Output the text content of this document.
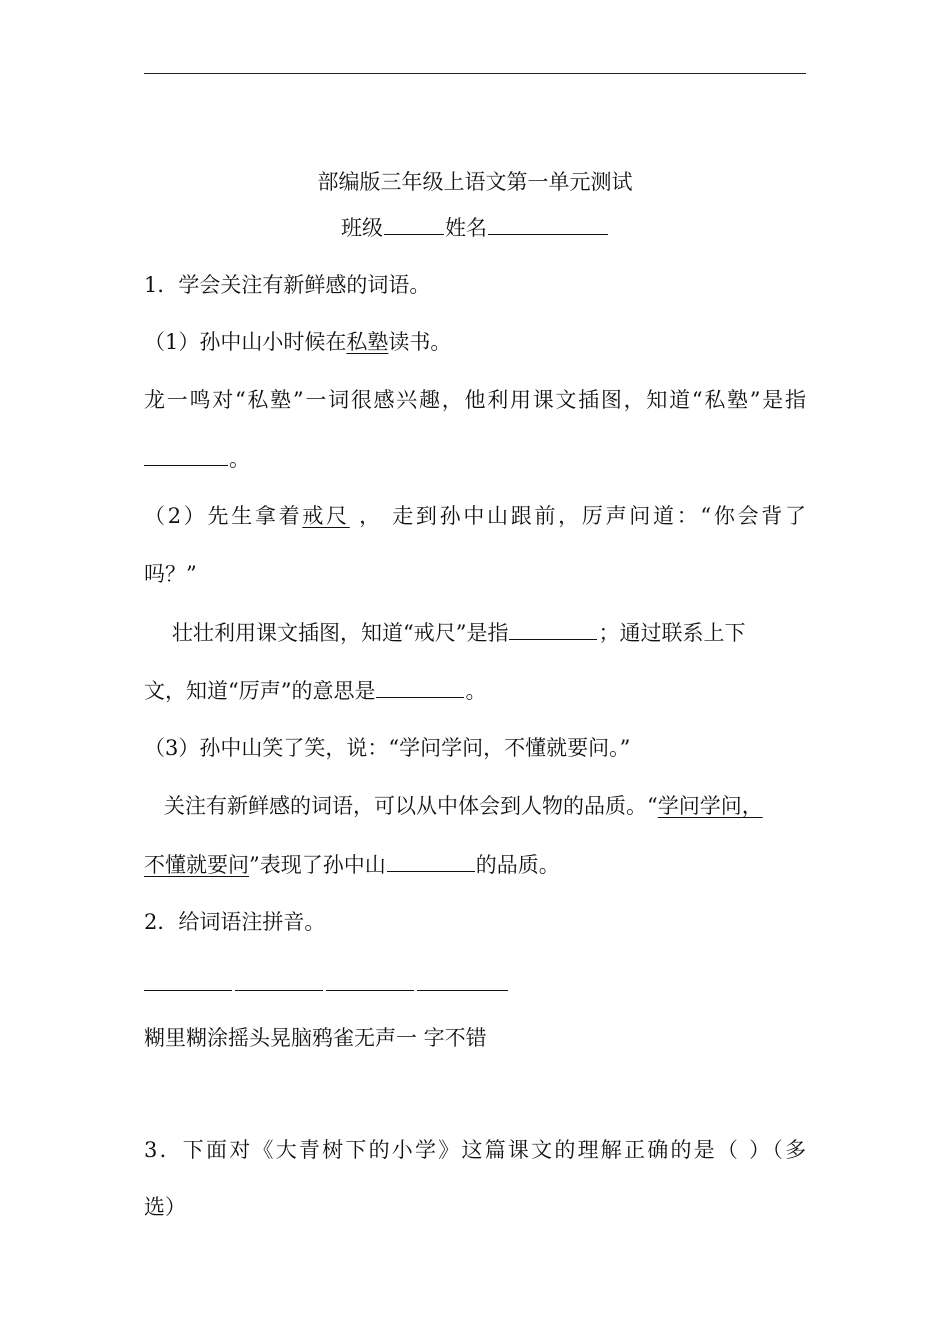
部编版三年级上语文第一单元测试
班级	姓名
1．学会关注有新鲜感的词语。
（1）孙中山小时候在私塾读书。
龙一鸣对“私塾”一词很感兴趣，他利用课文插图，知道“私塾”是指
。
（2）先生拿着戒尺 ， 走到孙中山跟前，厉声问道：“你会背了
吗？”
壮壮利用课文插图，知道“戒尺”是指	；通过联系上下
文，知道“厉声”的意思是	。
（3）孙中山笑了笑，说：“学问学问，不懂就要问。”
关注有新鲜感的词语，可以从中体会到人物的品质。“学问学问，
不懂就要问”表现了孙中山	的品质。
2．给词语注拼音。
糊里糊涂摇头晃脑鸦雀无声一 字不错
3．下面对《大青树下的小学》这篇课文的理解正确的是（ ）（多
选）
